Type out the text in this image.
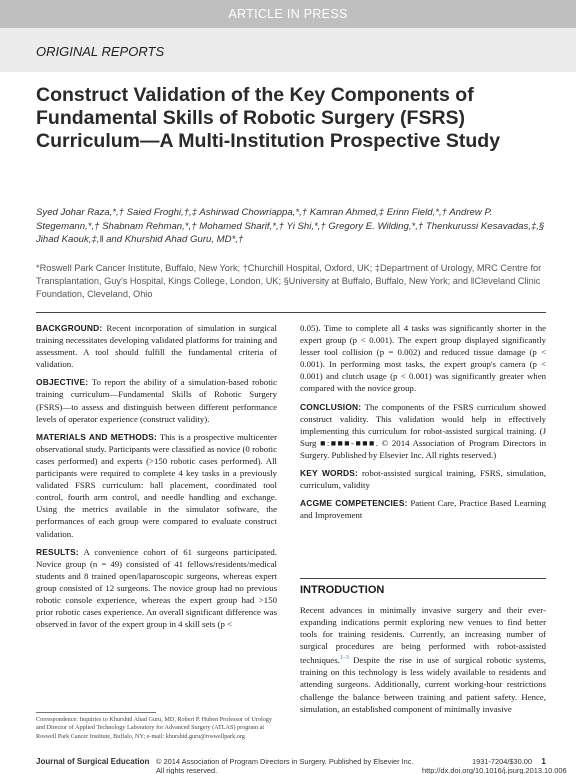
ARTICLE IN PRESS
ORIGINAL REPORTS
Construct Validation of the Key Components of Fundamental Skills of Robotic Surgery (FSRS) Curriculum—A Multi-Institution Prospective Study
Syed Johar Raza,*,† Saied Froghi,†,‡ Ashirwad Chowriappa,*,† Kamran Ahmed,‡ Erinn Field,*,† Andrew P. Stegemann,*,† Shabnam Rehman,*,† Mohamed Sharif,*,† Yi Shi,*,† Gregory E. Wilding,*,† Thenkurussi Kesavadas,‡,§ Jihad Kaouk,‡,‖ and Khurshid Ahad Guru, MD*,†
*Roswell Park Cancer Institute, Buffalo, New York; †Churchill Hospital, Oxford, UK; ‡Department of Urology, MRC Centre for Transplantation, Guy's Hospital, Kings College, London, UK; §University at Buffalo, Buffalo, New York; and ‖Cleveland Clinic Foundation, Cleveland, Ohio

BACKGROUND: Recent incorporation of simulation in surgical training necessitates developing validated platforms for training and assessment. A tool should fulfill the fundamental criteria of validation.

OBJECTIVE: To report the ability of a simulation-based robotic training curriculum—Fundamental Skills of Robotic Surgery (FSRS)—to assess and distinguish between different performance levels of operator experience (construct validity).

MATERIALS AND METHODS: This is a prospective multicenter observational study. Participants were classified as novice (0 robotic cases performed) and experts (>150 robotic cases performed). All participants were required to complete 4 key tasks in a previously validated FSRS curriculum: ball placement, coordinated tool control, fourth arm control, and needle handling and exchange. Using the metrics available in the simulator software, the performances of each group were compared to evaluate construct validation.

RESULTS: A convenience cohort of 61 surgeons participated. Novice group (n = 49) consisted of 41 fellows/residents/medical students and 8 trained open/laparoscopic surgeons, whereas expert group consisted of 12 surgeons. The novice group had no previous robotic console experience, whereas the expert group had >150 prior robotic cases experience. An overall significant difference was observed in favor of the expert group in 4 skill sets (p <

0.05). Time to complete all 4 tasks was significantly shorter in the expert group (p < 0.001). The expert group displayed significantly lesser tool collision (p = 0.002) and reduced tissue damage (p < 0.001). In performing most tasks, the expert group's camera (p < 0.001) and clutch usage (p < 0.001) was significantly greater when compared with the novice group.

CONCLUSION: The components of the FSRS curriculum showed construct validity. This validation would help in effectively implementing this curriculum for robot-assisted surgical training. (J Surg ■:■■■-■■■. © 2014 Association of Program Directors in Surgery. Published by Elsevier Inc. All rights reserved.)

KEY WORDS: robot-assisted surgical training, FSRS, simulation, curriculum, validity

ACGME COMPETENCIES: Patient Care, Practice Based Learning and Improvement

INTRODUCTION

Recent advances in minimally invasive surgery and their ever-expanding indications permit exploring new venues to find better tools for training residents. Currently, an increasing number of surgical procedures are being performed with robot-assisted techniques.$^{1-3}$ Despite the rise in use of surgical robotic systems, training on this technology is less widely available to residents and attending surgeons. Additionally, current working-hour restrictions challenge the balance between training and patient safety. Hence, simulation, an established component of minimally invasive

Correspondence: Inquiries to Khurshid Ahad Guru, MD, Robert P. Huben Professor of Urology and Director of Applied Technology Laboratory for Advanced Surgery (ATLAS) program at Roswell Park Cancer Institute, Buffalo, NY; e-mail: khurshid.guru@roswellpark.org
Journal of Surgical Education © 2014 Association of Program Directors in Surgery. Published by Elsevier Inc. All rights reserved.
1931-7204/$30.00
http://dx.doi.org/10.1016/j.jsurg.2013.10.006
1
